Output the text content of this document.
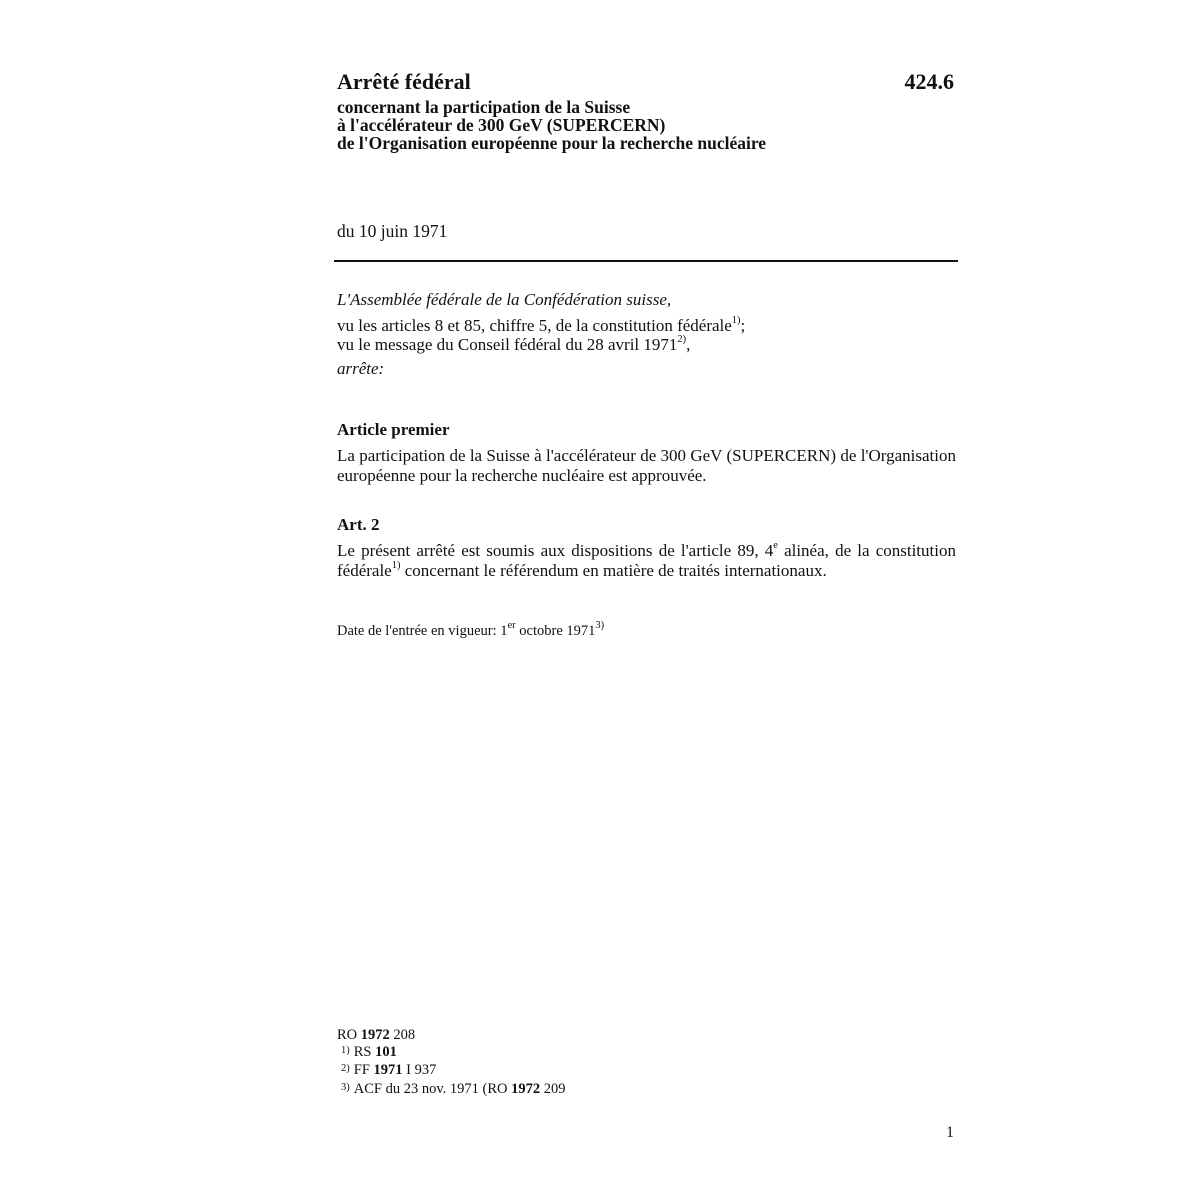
Arrêté fédéral	424.6
concernant la participation de la Suisse
à l'accélérateur de 300 GeV (SUPERCERN)
de l'Organisation européenne pour la recherche nucléaire
du 10 juin 1971
L'Assemblée fédérale de la Confédération suisse,
vu les articles 8 et 85, chiffre 5, de la constitution fédérale$^{1)}$;
vu le message du Conseil fédéral du 28 avril 1971$^{2)}$,
arrête:
Article premier

La participation de la Suisse à l'accélérateur de 300 GeV (SUPERCERN) de l'Organisation européenne pour la recherche nucléaire est approuvée.

Art. 2

Le présent arrêté est soumis aux dispositions de l'article 89, 4e alinéa, de la constitution fédérale$^{1)}$ concernant le référendum en matière de traités internationaux.

Date de l'entrée en vigueur: 1er octobre 1971$^{3)}$
RO 1972 208
$^{1)}$ RS 101
$^{2)}$ FF 1971 I 937
$^{3)}$ ACF du 23 nov. 1971 (RO 1972 209
1
